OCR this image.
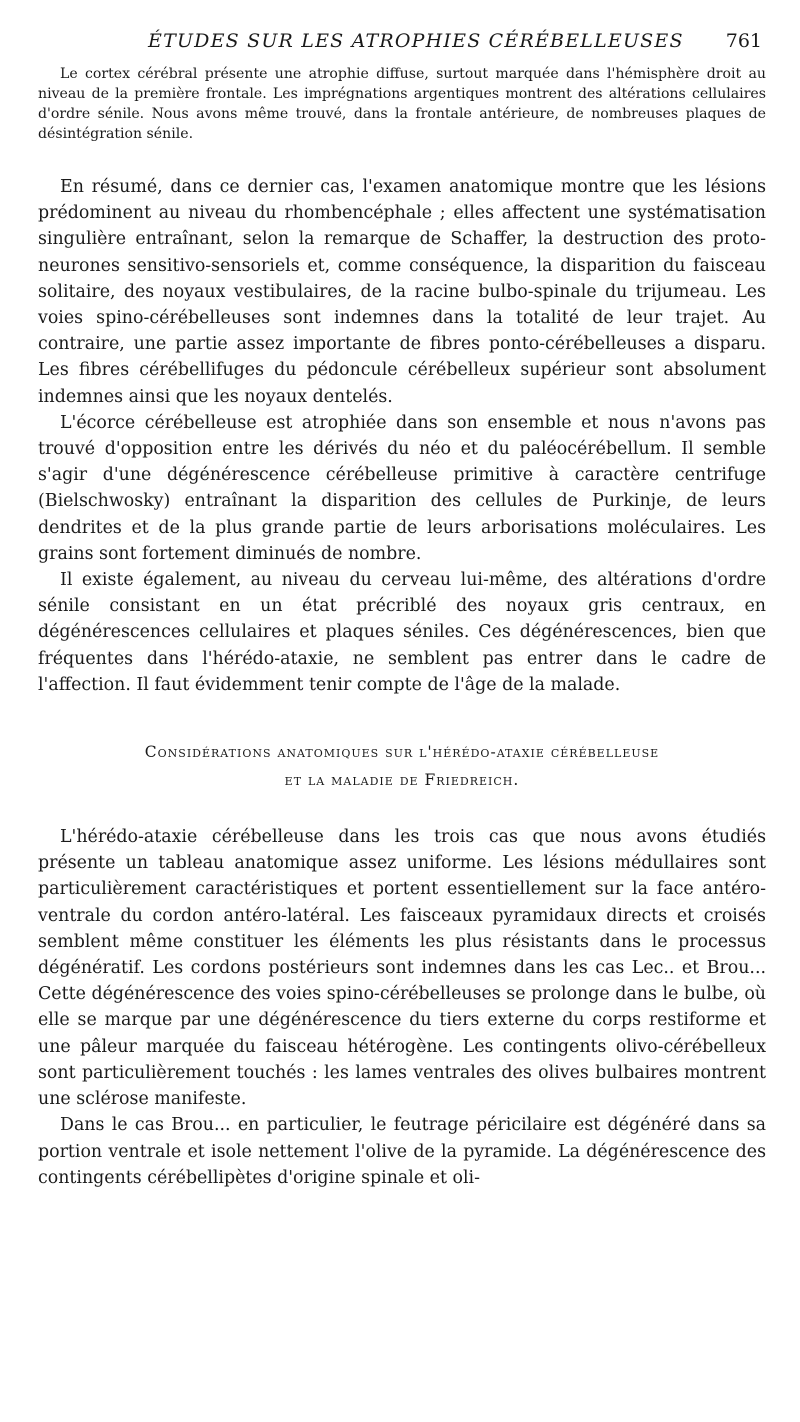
ÉTUDES SUR LES ATROPHIES CÉRÉBELLEUSES 761

Le cortex cérébral présente une atrophie diffuse, surtout marquée dans l'hémisphère droit au niveau de la première frontale. Les imprégnations argentiques montrent des altérations cellulaires d'ordre sénile. Nous avons même trouvé, dans la frontale antérieure, de nombreuses plaques de désintégration sénile.

En résumé, dans ce dernier cas, l'examen anatomique montre que les lésions prédominent au niveau du rhombencéphale ; elles affectent une systématisation singulière entraînant, selon la remarque de Schaffer, la destruction des proto-neurones sensitivo-sensoriels et, comme conséquence, la disparition du faisceau solitaire, des noyaux vestibulaires, de la racine bulbo-spinale du trijumeau. Les voies spino-cérébelleuses sont indemnes dans la totalité de leur trajet. Au contraire, une partie assez importante de fibres ponto-cérébelleuses a disparu. Les fibres cérébellifuges du pédoncule cérébelleux supérieur sont absolument indemnes ainsi que les noyaux dentelés.

L'écorce cérébelleuse est atrophiée dans son ensemble et nous n'avons pas trouvé d'opposition entre les dérivés du néo et du paléocérébellum. Il semble s'agir d'une dégénérescence cérébelleuse primitive à caractère centrifuge (Bielschwosky) entraînant la disparition des cellules de Purkinje, de leurs dendrites et de la plus grande partie de leurs arborisations moléculaires. Les grains sont fortement diminués de nombre.

Il existe également, au niveau du cerveau lui-même, des altérations d'ordre sénile consistant en un état précriblé des noyaux gris centraux, en dégénérescences cellulaires et plaques séniles. Ces dégénérescences, bien que fréquentes dans l'hérédo-ataxie, ne semblent pas entrer dans le cadre de l'affection. Il faut évidemment tenir compte de l'âge de la malade.

Considérations anatomiques sur l'hérédo-ataxie cérébelleuse

et la maladie de Friedreich.

L'hérédo-ataxie cérébelleuse dans les trois cas que nous avons étudiés présente un tableau anatomique assez uniforme. Les lésions médullaires sont particulièrement caractéristiques et portent essentiellement sur la face antéro-ventrale du cordon antéro-latéral. Les faisceaux pyramidaux directs et croisés semblent même constituer les éléments les plus résistants dans le processus dégénératif. Les cordons postérieurs sont indemnes dans les cas Lec.. et Brou... Cette dégénérescence des voies spino-cérébelleuses se prolonge dans le bulbe, où elle se marque par une dégénérescence du tiers externe du corps restiforme et une pâleur marquée du faisceau hétérogène. Les contingents olivo-cérébelleux sont particulièrement touchés : les lames ventrales des olives bulbaires montrent une sclérose manifeste.

Dans le cas Brou... en particulier, le feutrage péricilaire est dégénéré dans sa portion ventrale et isole nettement l'olive de la pyramide. La dégénérescence des contingents cérébellipètes d'origine spinale et oli-
